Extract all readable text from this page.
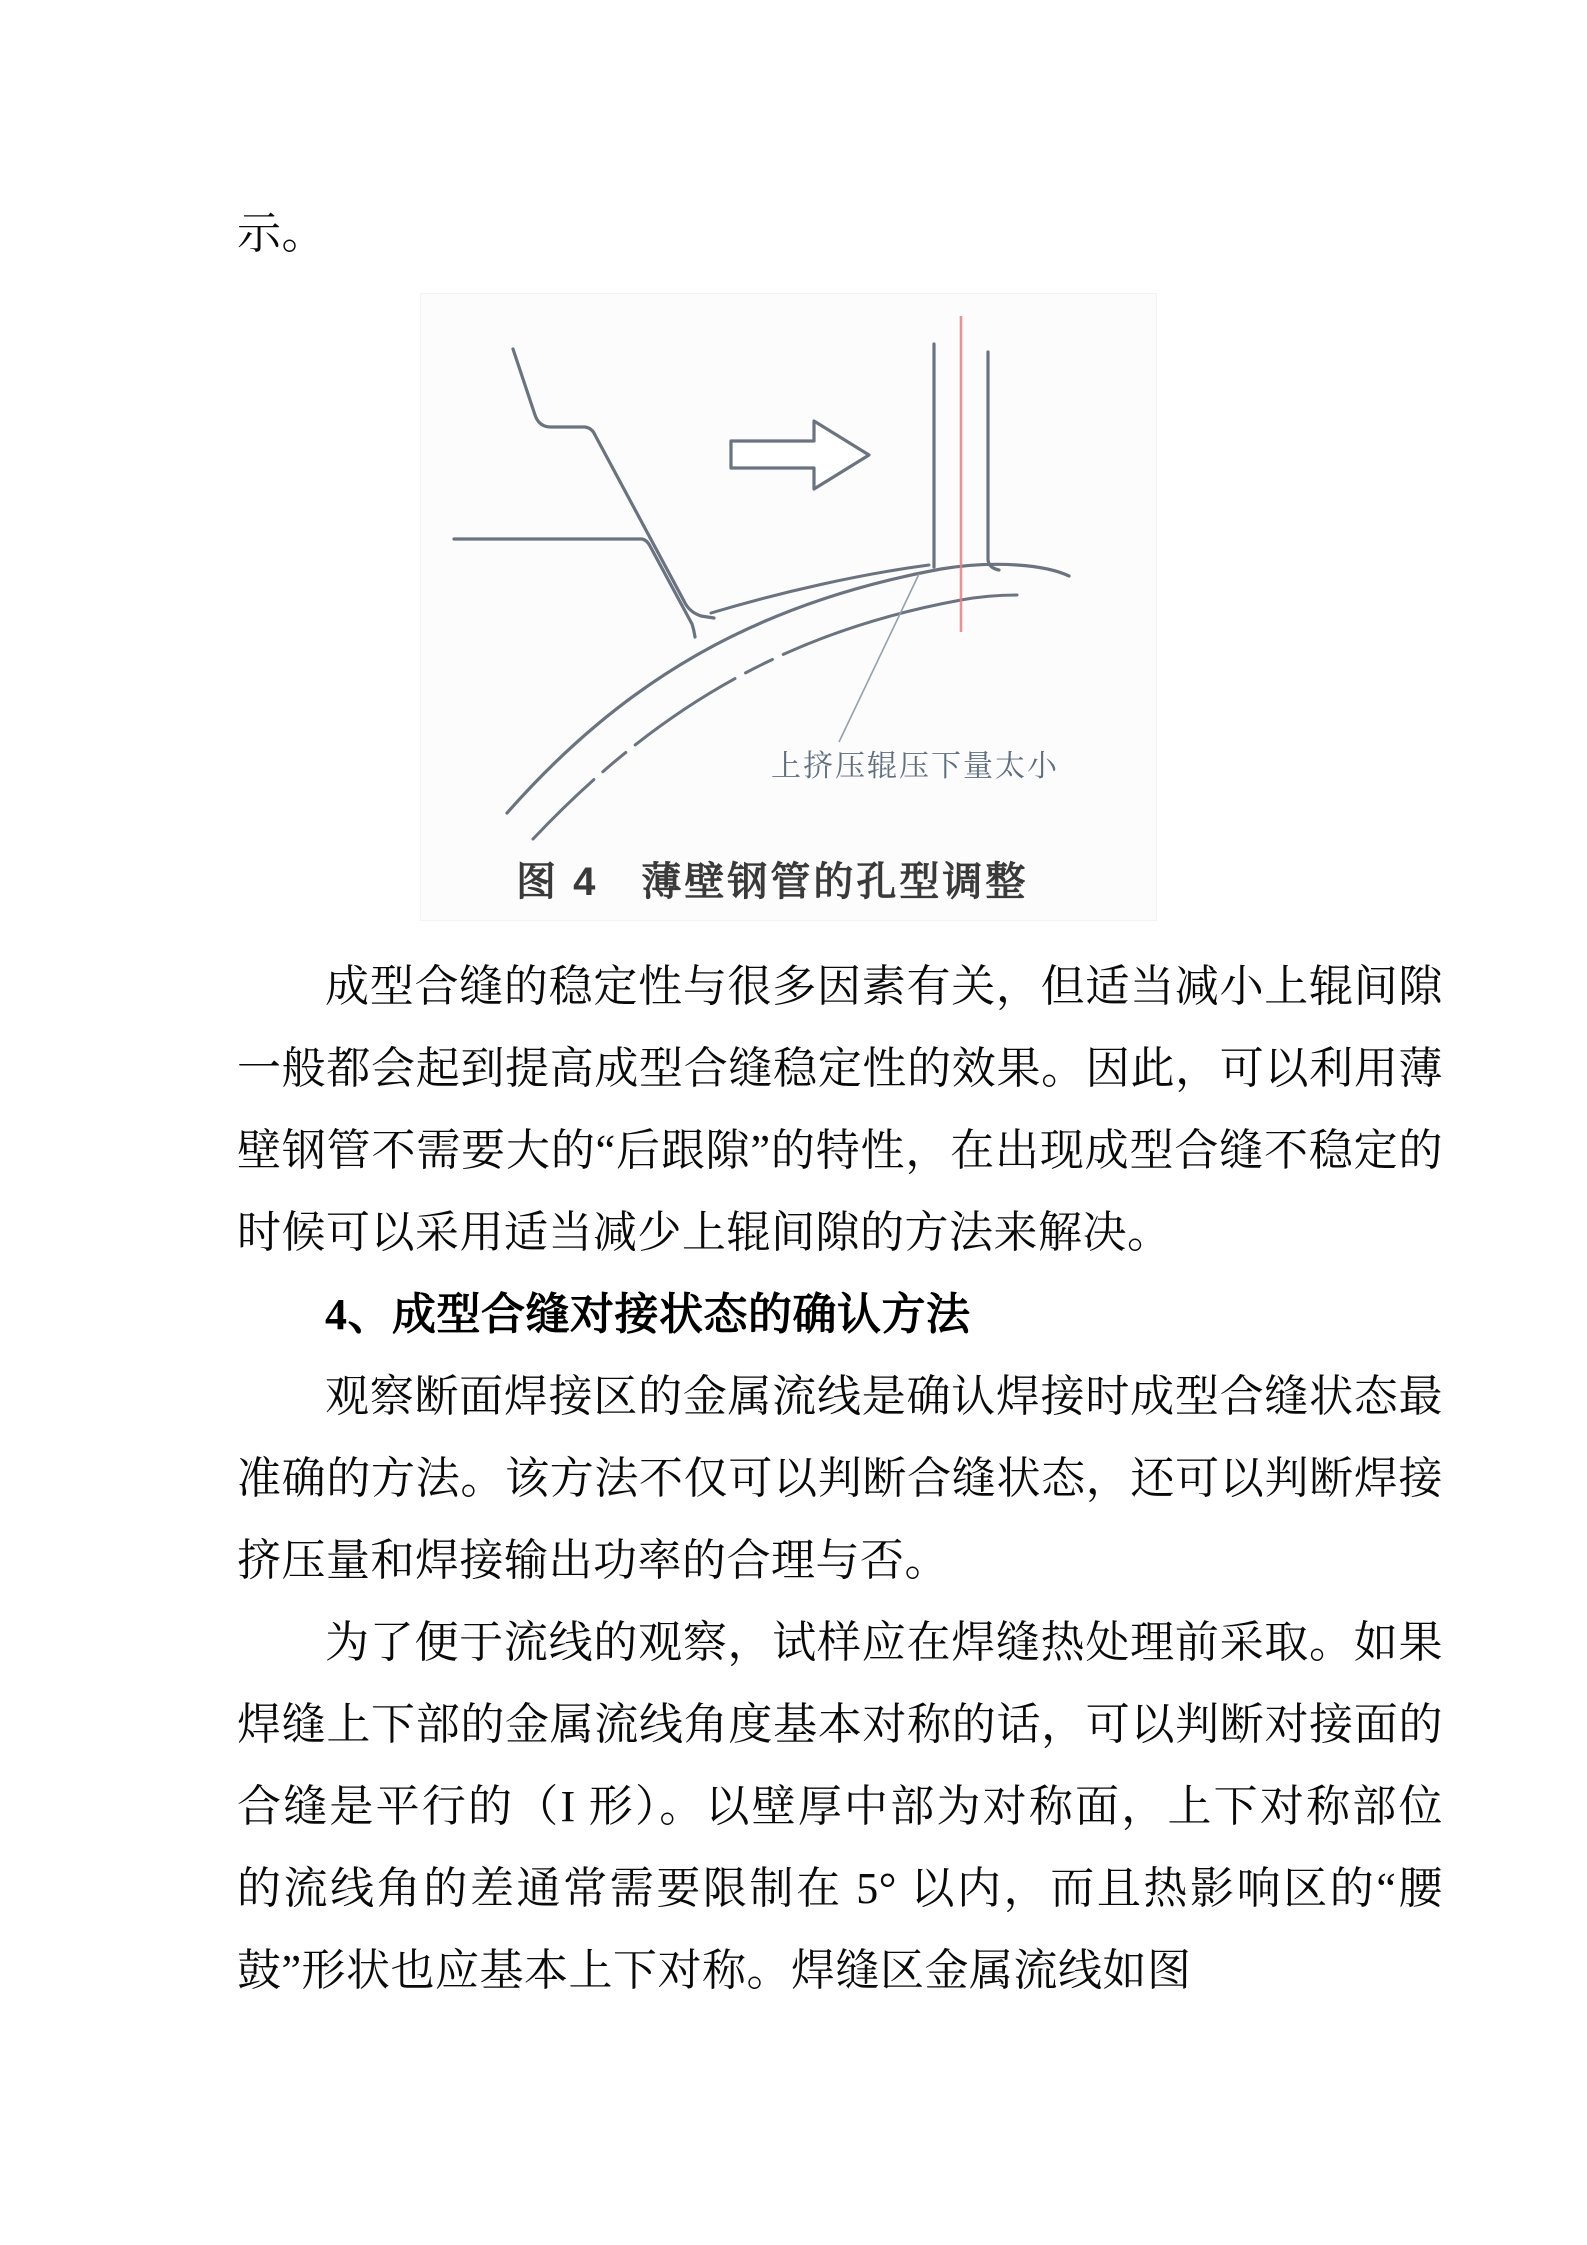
示。

上挤压辊压下量太小
图 4　薄壁钢管的孔型调整

成型合缝的稳定性与很多因素有关，但适当减小上辊间隙一般都会起到提高成型合缝稳定性的效果。因此，可以利用薄壁钢管不需要大的“后跟隙”的特性，在出现成型合缝不稳定的时候可以采用适当减少上辊间隙的方法来解决。

4、成型合缝对接状态的确认方法

观察断面焊接区的金属流线是确认焊接时成型合缝状态最准确的方法。该方法不仅可以判断合缝状态，还可以判断焊接挤压量和焊接输出功率的合理与否。

为了便于流线的观察，试样应在焊缝热处理前采取。如果焊缝上下部的金属流线角度基本对称的话，可以判断对接面的合缝是平行的（I 形）。以壁厚中部为对称面，上下对称部位的流线角的差通常需要限制在 5° 以内，而且热影响区的“腰鼓”形状也应基本上下对称。焊缝区金属流线如图
